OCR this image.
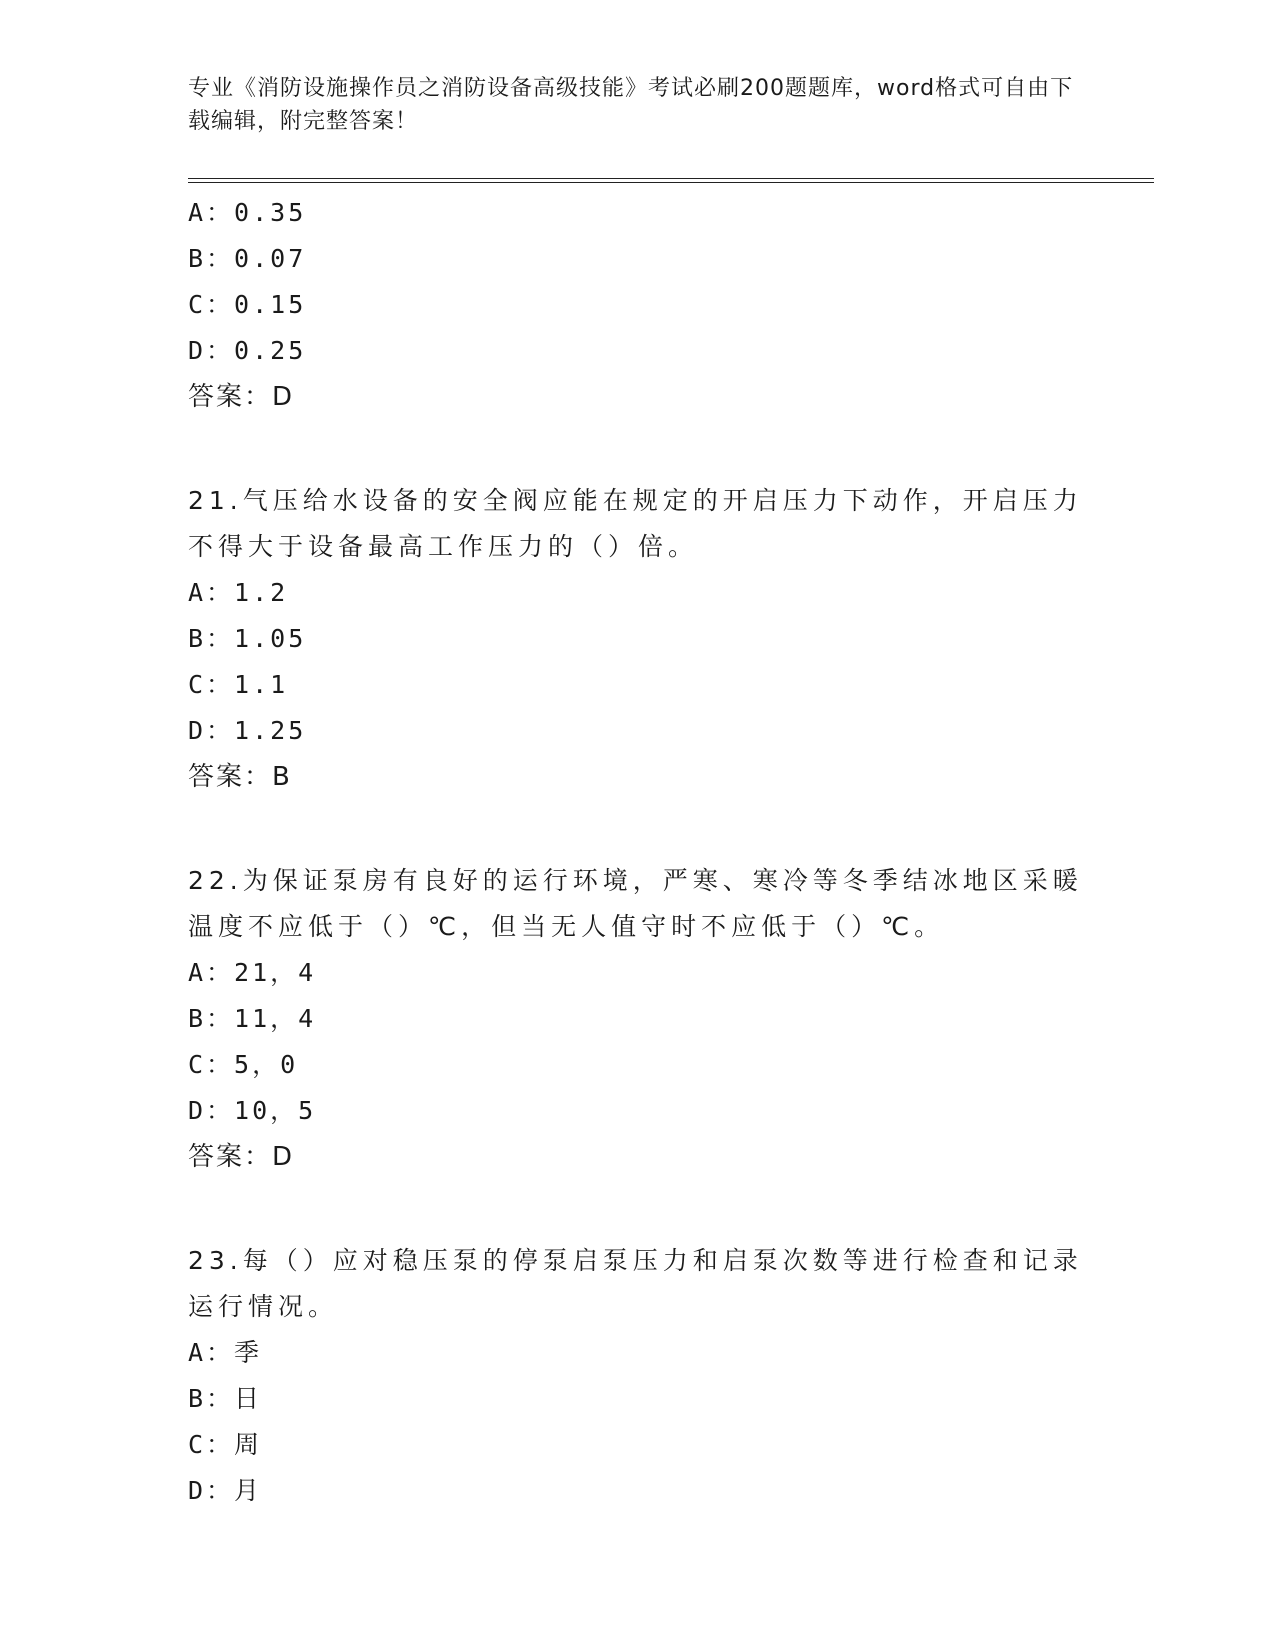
专业《消防设施操作员之消防设备高级技能》考试必刷200题题库，word格式可自由下载编辑，附完整答案！
A：0.35
B：0.07
C：0.15
D：0.25
答案：D
21.气压给水设备的安全阀应能在规定的开启压力下动作，开启压力不得大于设备最高工作压力的（）倍。
A：1.2
B：1.05
C：1.1
D：1.25
答案：B
22.为保证泵房有良好的运行环境，严寒、寒冷等冬季结冰地区采暖温度不应低于（）℃，但当无人值守时不应低于（）℃。
A：21，4
B：11，4
C：5，0
D：10，5
答案：D
23.每（）应对稳压泵的停泵启泵压力和启泵次数等进行检查和记录运行情况。
A：季
B：日
C：周
D：月
